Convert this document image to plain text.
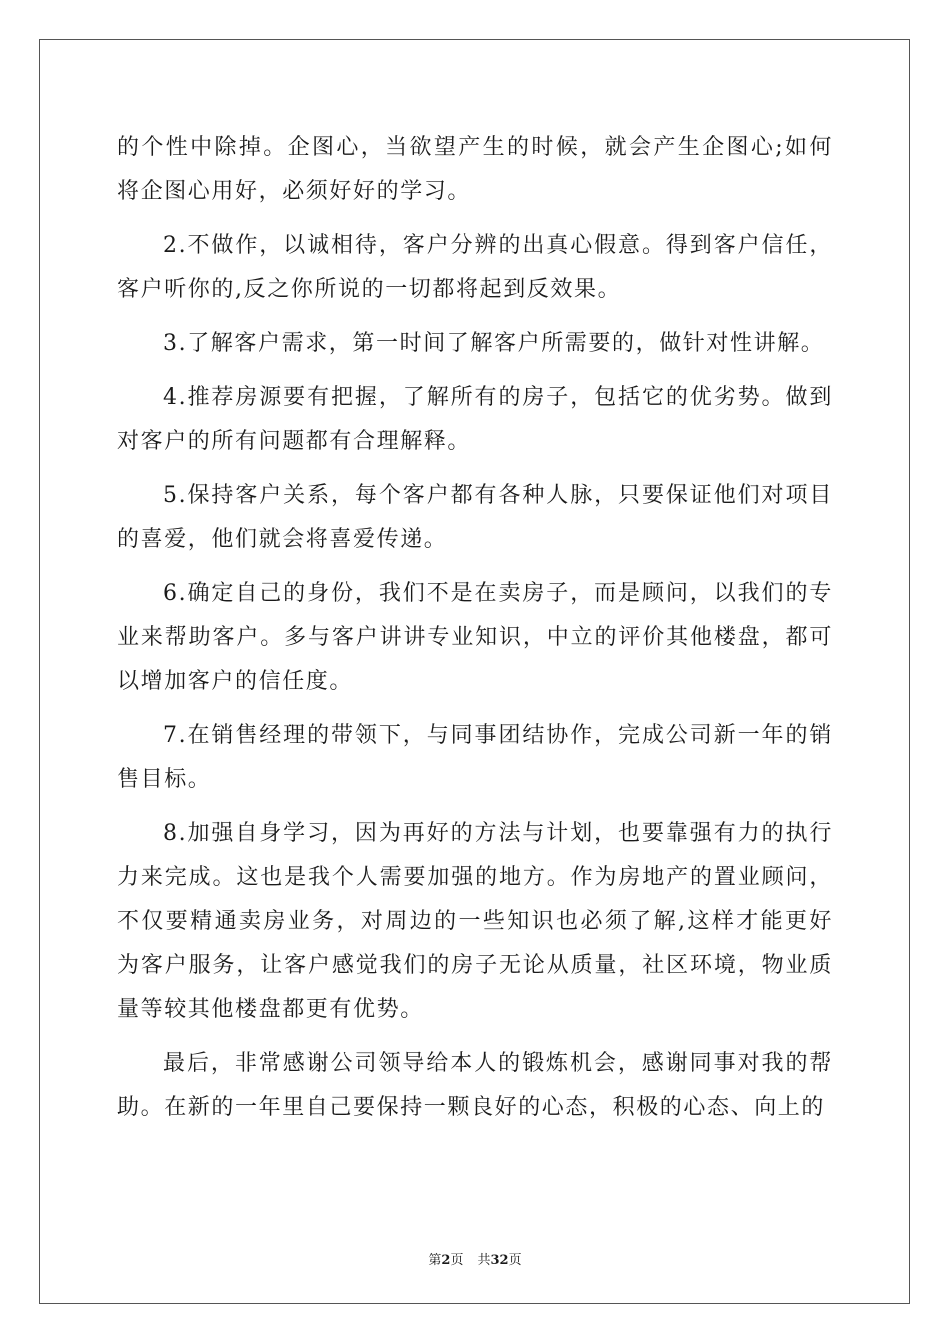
的个性中除掉。企图心，当欲望产生的时候，就会产生企图心;如何将企图心用好，必须好好的学习。

2.不做作，以诚相待，客户分辨的出真心假意。得到客户信任，客户听你的,反之你所说的一切都将起到反效果。

3.了解客户需求，第一时间了解客户所需要的，做针对性讲解。

4.推荐房源要有把握，了解所有的房子，包括它的优劣势。做到对客户的所有问题都有合理解释。

5.保持客户关系，每个客户都有各种人脉，只要保证他们对项目的喜爱，他们就会将喜爱传递。

6.确定自己的身份，我们不是在卖房子，而是顾问，以我们的专业来帮助客户。多与客户讲讲专业知识，中立的评价其他楼盘，都可以增加客户的信任度。

7.在销售经理的带领下，与同事团结协作，完成公司新一年的销售目标。

8.加强自身学习，因为再好的方法与计划，也要靠强有力的执行力来完成。这也是我个人需要加强的地方。作为房地产的置业顾问，不仅要精通卖房业务，对周边的一些知识也必须了解,这样才能更好为客户服务，让客户感觉我们的房子无论从质量，社区环境，物业质量等较其他楼盘都更有优势。

最后，非常感谢公司领导给本人的锻炼机会，感谢同事对我的帮助。在新的一年里自己要保持一颗良好的心态，积极的心态、向上的

第2页 共32页
